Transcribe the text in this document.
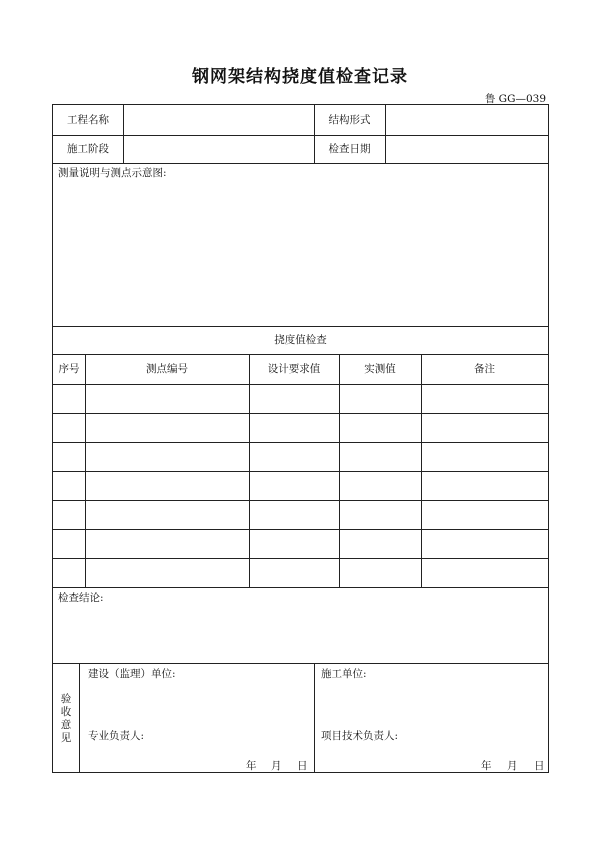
钢网架结构挠度值检查记录
鲁 GG—039
工程名称	结构形式
施工阶段	检查日期
测量说明与测点示意图:
挠度值检查
序号	测点编号	设计要求值	实测值	备注
检查结论:
验收意见
建设（监理）单位:
专业负责人:
年 月 日
施工单位:
项目技术负责人:
年 月 日
